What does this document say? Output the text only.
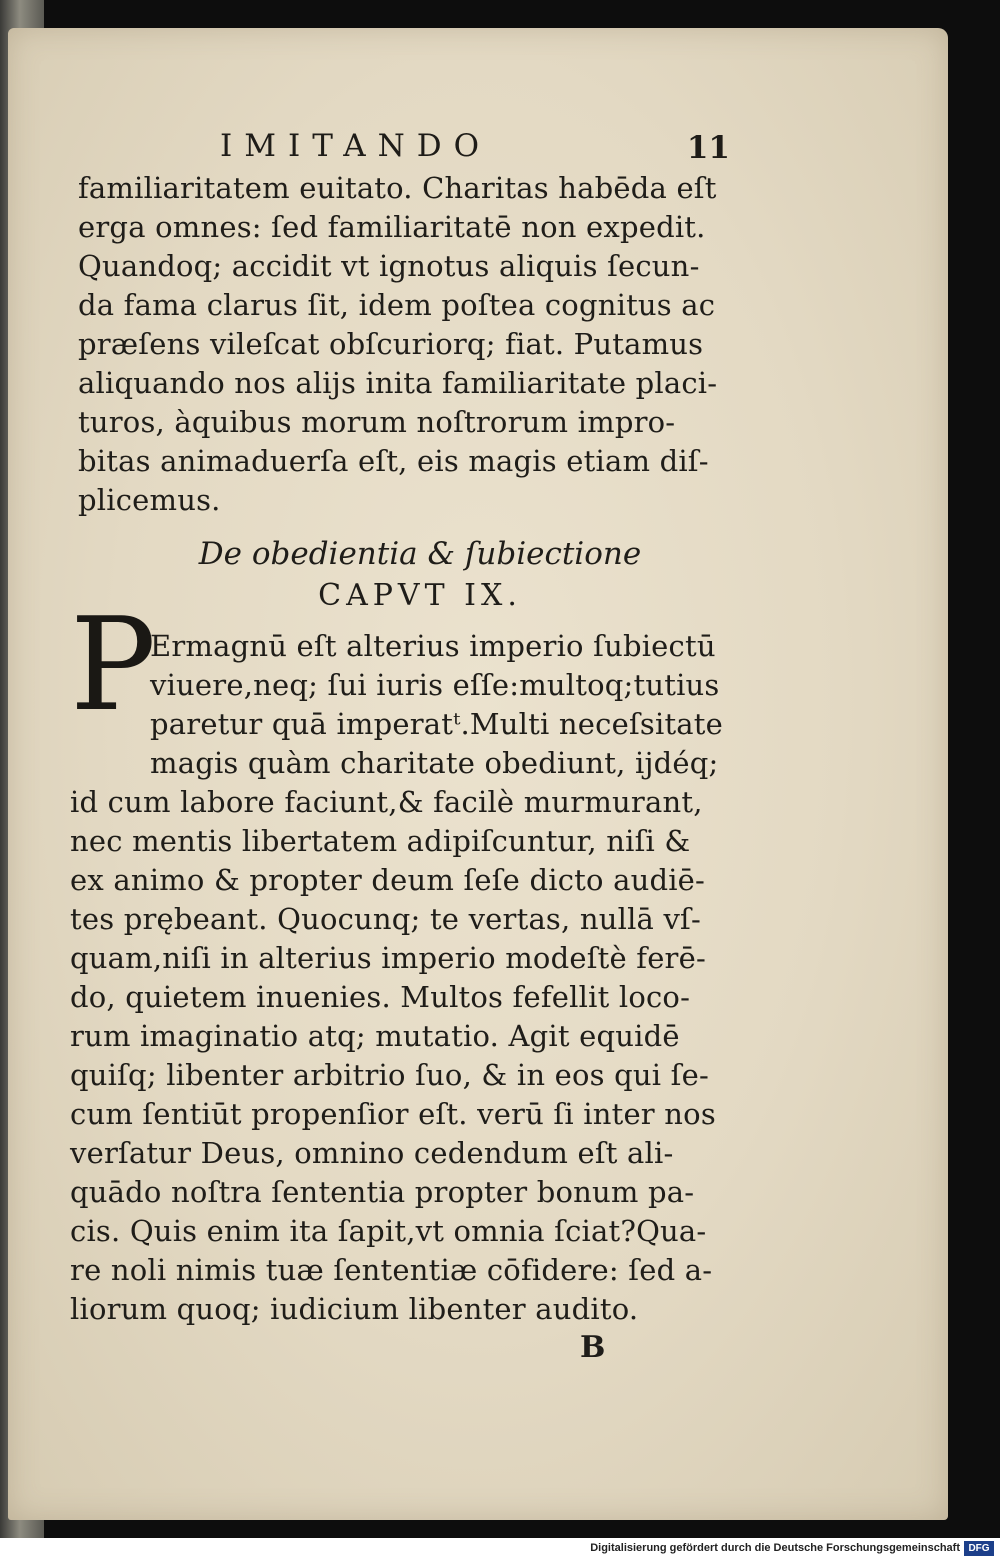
IMITANDO	11

familiaritatem euitato. Charitas habēda eſt

erga omnes: ſed familiaritatē non expedit.

Quandoq; accidit vt ignotus aliquis ſecun-

da fama clarus ſit, idem poſtea cognitus ac

præſens vileſcat obſcuriorq; fiat. Putamus

aliquando nos alijs inita familiaritate placi-

turos, àquibus morum noſtrorum impro-

bitas animaduerſa eſt, eis magis etiam diſ-

plicemus.

De obedientia & ſubiectione
CAPVT IX.
P

Ermagnū eſt alterius imperio ſubiectū

viuere,neq; ſui iuris eſſe:multoq;tutius

paretur quā imperatᵗ.Multi neceſsitate

magis quàm charitate obediunt, ijdéq;

id cum labore faciunt,& facilè murmurant,

nec mentis libertatem adipiſcuntur, niſi &

ex animo & propter deum ſeſe dicto audiē-

tes prębeant. Quocunq; te vertas, nullā vſ-

quam,niſi in alterius imperio modeſtè ferē-

do, quietem inuenies. Multos fefellit loco-

rum imaginatio atq; mutatio. Agit equidē

quiſq; libenter arbitrio ſuo, & in eos qui ſe-

cum ſentiūt propenſior eſt. verū ſi inter nos

verſatur Deus, omnino cedendum eſt ali-

quādo noſtra ſententia propter bonum pa-

cis. Quis enim ita ſapit,vt omnia ſciat?Qua-

re noli nimis tuæ ſententiæ cōfidere: ſed a-

liorum quoq; iudicium libenter audito.

B
Digitalisierung gefördert durch die Deutsche Forschungsgemeinschaft DFG
